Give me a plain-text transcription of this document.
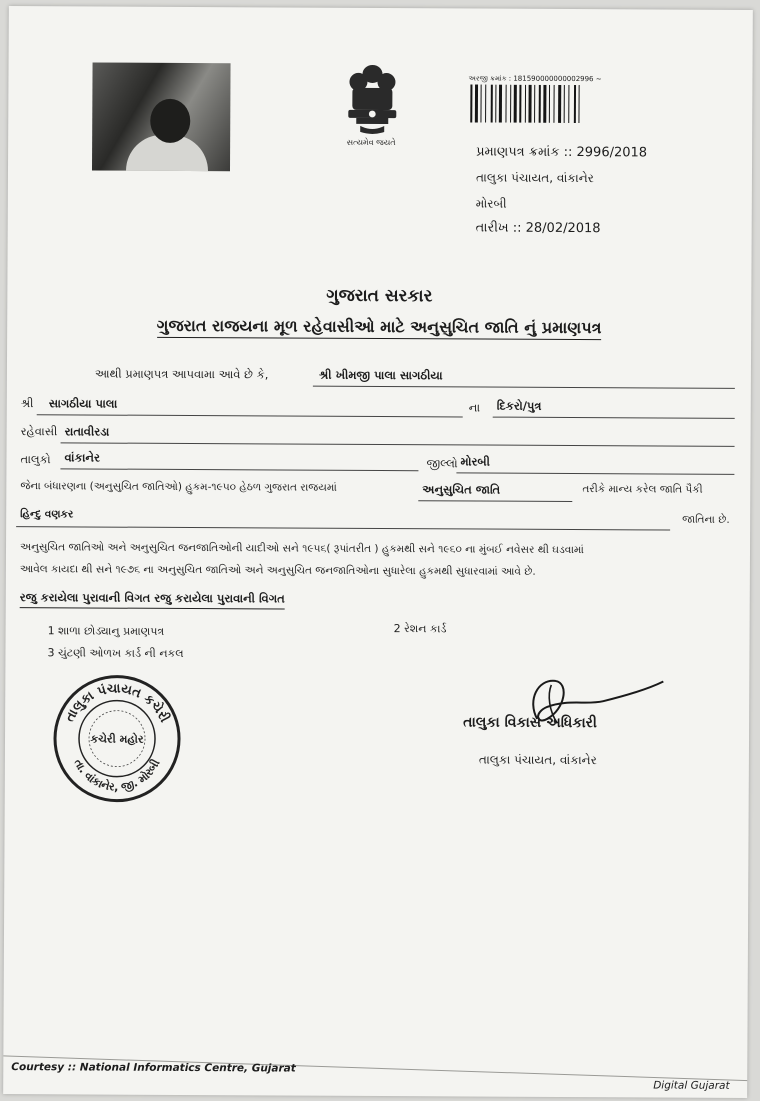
સત્યમેવ જયતે
અરજી ક્રમાંક : 181590000000002996 ~
પ્રમાણપત્ર ક્રમાંક :: 2996/2018
તાલુકા પંચાયત, વાંકાનેર
મોરબી
તારીખ :: 28/02/2018
ગુજરાત સરકાર
ગુજરાત રાજયના મૂળ રહેવાસીઓ માટે અનુસુચિત જાતિ નું પ્રમાણપત્ર
આથી પ્રમાણપત્ર આપવામા આવે છે કે,	શ્રી ખીમજી પાલા સાગઠીયા
શ્રી સાગઠીયા પાલા	ના દિકરો/પુત્ર
રહેવાસી રાતાવીરડા
તાલુકો વાંકાનેર	જીલ્લો મોરબી
જેના બંધારણના (અનુસુચિત જાતિઓ) હુકમ-૧૯૫૦ હેઠળ ગુજરાત રાજયમાં	અનુસુચિત જાતિ	તરીકે માન્ય કરેલ જાતિ પૈકી
હિન્દુ વણકર	જાતિના છે.
અનુસુચિત જાતિઓ અને અનુસુચિત જનજાતિઓની યાદીઓ સને ૧૯૫૬( રૂપાંતરીત ) હુકમથી સને ૧૯૬૦ ના મુંબઈ નવેસર થી ઘડવામાં
આવેલ કાયદા થી સને ૧૯૭૬ ના અનુસુચિત જાતિઓ અને અનુસુચિત જનજાતિઓના સુધારેલા હુકમથી સુધારવામાં આવે છે.
રજુ કરાયેલા પુરાવાની વિગત રજુ કરાયેલા પુરાવાની વિગત
1 શાળા છોડ્યાનુ પ્રમાણપત્ર	2 રેશન કાર્ડ
3 ચુંટણી ઓળખ કાર્ડ ની નકલ
તાલુકા પંચાયત કચેરી
તા. વાંકાનેર, જી. મોરબી
કચેરી મહોર
તાલુકા વિકાસ અધિકારી
તાલુકા પંચાયત, વાંકાનેર
Courtesy :: National Informatics Centre, Gujarat
Digital Gujarat
